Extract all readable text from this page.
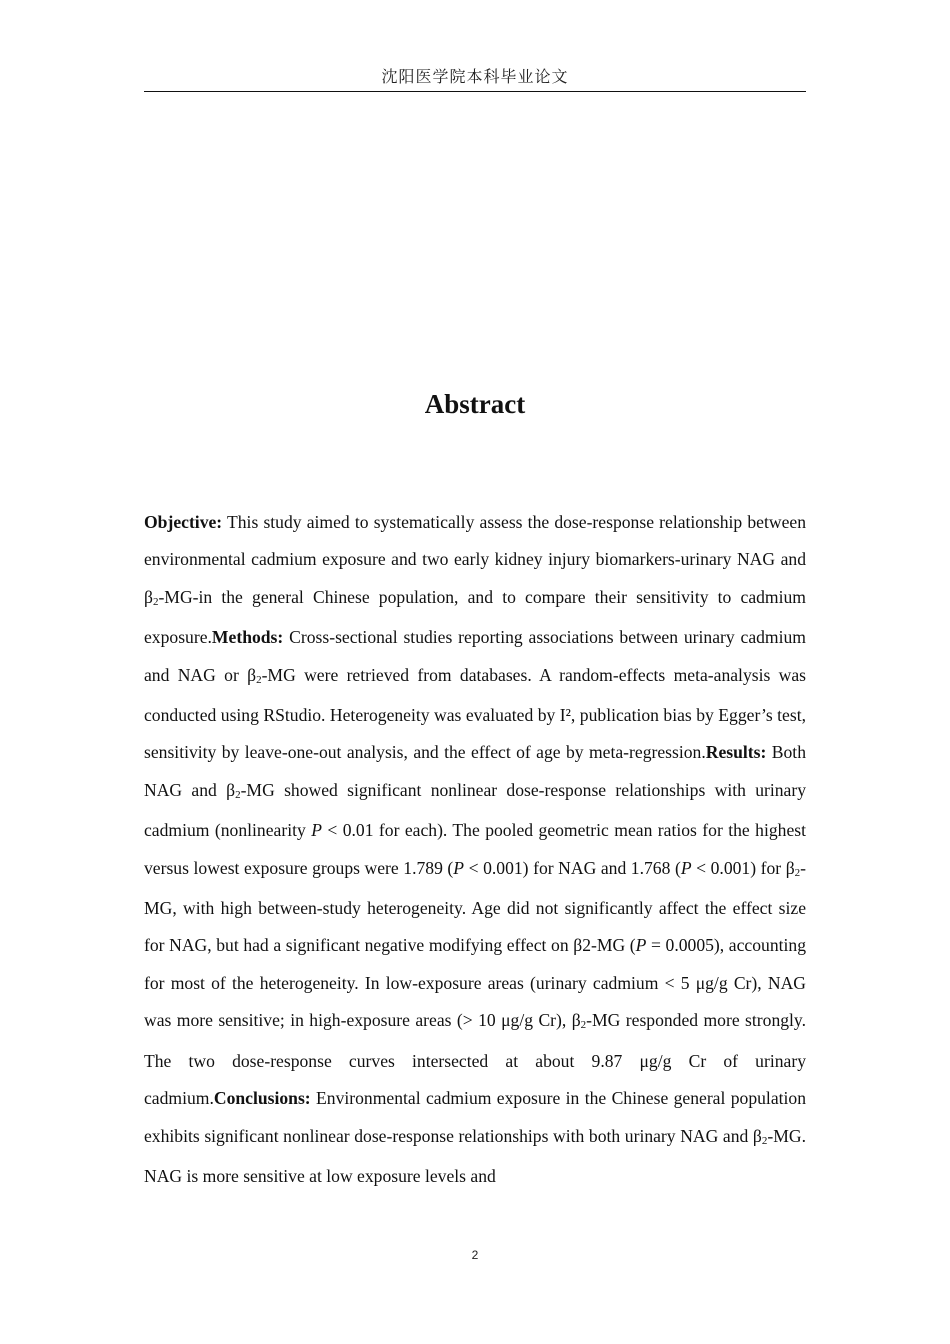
沈阳医学院本科毕业论文
Abstract

Objective: This study aimed to systematically assess the dose-response relationship between environmental cadmium exposure and two early kidney injury biomarkers-urinary NAG and $\beta_2-MG-in$ the general Chinese population, and to compare their sensitivity to cadmium exposure.Methods: Cross-sectional studies reporting associations between urinary cadmium and NAG or $\beta_2-MG$ were retrieved from databases. A random-effects meta-analysis was conducted using RStudio. Heterogeneity was evaluated by I², publication bias by Egger’s test, sensitivity by leave-one-out analysis, and the effect of age by meta-regression.Results: Both NAG and $\beta_2-MG$ showed significant nonlinear dose-response relationships with urinary cadmium (nonlinearity P < 0.01 for each). The pooled geometric mean ratios for the highest versus lowest exposure groups were 1.789 (P < 0.001) for NAG and 1.768 (P < 0.001) for $\beta_2-MG$, with high between-study heterogeneity. Age did not significantly affect the effect size for NAG, but had a significant negative modifying effect on β2-MG (P = 0.0005), accounting for most of the heterogeneity. In low-exposure areas (urinary cadmium < 5 μg/g Cr), NAG was more sensitive; in high-exposure areas (> 10 μg/g Cr), $\beta_2-MG$ responded more strongly. The two dose-response curves intersected at about 9.87 μg/g Cr of urinary cadmium.Conclusions: Environmental cadmium exposure in the Chinese general population exhibits significant nonlinear dose-response relationships with both urinary NAG and $\beta_2-MG$. NAG is more sensitive at low exposure levels and

2
